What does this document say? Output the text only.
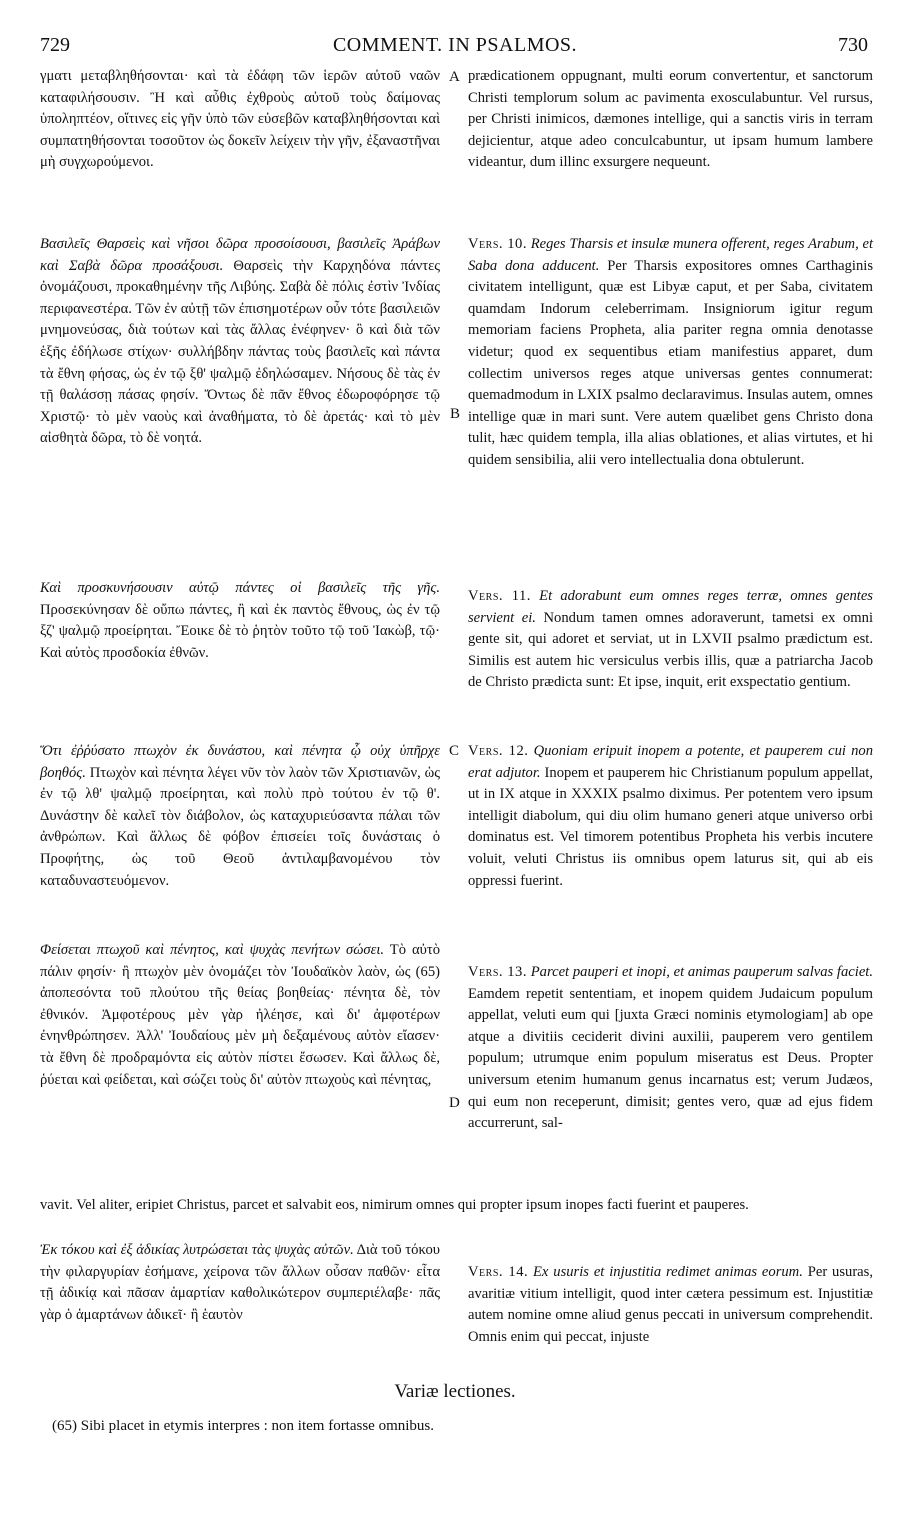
729	COMMENT. IN PSALMOS.	730
A
B
C
D

γματι μεταβληθήσονται· καὶ τὰ ἐδάφη τῶν ἱερῶν αὐτοῦ ναῶν καταφιλήσουσιν. Ἢ καὶ αὖθις ἐχθροὺς αὐτοῦ τοὺς δαίμονας ὑποληπτέον, οἵτινες εἰς γῆν ὑπὸ τῶν εὐσεβῶν καταβληθήσονται καὶ συμπατηθήσονται τοσοῦτον ὡς δοκεῖν λείχειν τὴν γῆν, ἐξαναστῆναι μὴ συγχωρούμενοι.

Βασιλεῖς Θαρσεὶς καὶ νῆσοι δῶρα προσοίσουσι, βασιλεῖς Ἀράβων καὶ Σαβὰ δῶρα προσάξουσι. Θαρσεὶς τὴν Καρχηδόνα πάντες ὀνομάζουσι, προκαθημένην τῆς Λιβύης. Σαβὰ δὲ πόλις ἐστὶν Ἰνδίας περιφανεστέρα. Τῶν ἐν αὐτῇ τῶν ἐπισημοτέρων οὖν τότε βασιλειῶν μνημονεύσας, διὰ τούτων καὶ τὰς ἄλλας ἐνέφηνεν· ὃ καὶ διὰ τῶν ἑξῆς ἐδήλωσε στίχων· συλλήβδην πάντας τοὺς βασιλεῖς καὶ πάντα τὰ ἔθνη φήσας, ὡς ἐν τῷ ξθ' ψαλμῷ ἐδηλώσαμεν. Νήσους δὲ τὰς ἐν τῇ θαλάσσῃ πάσας φησίν. Ὄντως δὲ πᾶν ἔθνος ἐδωροφόρησε τῷ Χριστῷ· τὸ μὲν ναοὺς καὶ ἀναθήματα, τὸ δὲ ἀρετάς· καὶ τὸ μὲν αἰσθητὰ δῶρα, τὸ δὲ νοητά.

Καὶ προσκυνήσουσιν αὐτῷ πάντες οἱ βασιλεῖς τῆς γῆς. Προσεκύνησαν δὲ οὔπω πάντες, ἢ καὶ ἐκ παντὸς ἔθνους, ὡς ἐν τῷ ξζ' ψαλμῷ προείρηται. Ἔοικε δὲ τὸ ῥητὸν τοῦτο τῷ τοῦ Ἰακὼβ, τῷ· Καὶ αὐτὸς προσδοκία ἐθνῶν.

Ὅτι ἐῤῥύσατο πτωχὸν ἐκ δυνάστου, καὶ πένητα ᾧ οὐχ ὑπῆρχε βοηθός. Πτωχὸν καὶ πένητα λέγει νῦν τὸν λαὸν τῶν Χριστιανῶν, ὡς ἐν τῷ λθ' ψαλμῷ προείρηται, καὶ πολὺ πρὸ τούτου ἐν τῷ θ'. Δυνάστην δὲ καλεῖ τὸν διάβολον, ὡς καταχυριεύσαντα πάλαι τῶν ἀνθρώπων. Καὶ ἄλλως δὲ φόβον ἐπισείει τοῖς δυνάσταις ὁ Προφήτης, ὡς τοῦ Θεοῦ ἀντιλαμβανομένου τὸν καταδυναστευόμενον.

Φείσεται πτωχοῦ καὶ πένητος, καὶ ψυχὰς πενήτων σώσει. Τὸ αὐτὸ πάλιν φησίν· ἢ πτωχὸν μὲν ὀνομάζει τὸν Ἰουδαϊκὸν λαὸν, ὡς (65) ἀποπεσόντα τοῦ πλούτου τῆς θείας βοηθείας· πένητα δὲ, τὸν ἐθνικόν. Ἀμφοτέρους μὲν γὰρ ἠλέησε, καὶ δι' ἀμφοτέρων ἐνηνθρώπησεν. Ἀλλ' Ἰουδαίους μὲν μὴ δεξαμένους αὐτὸν εἴασεν· τὰ ἔθνη δὲ προδραμόντα εἰς αὐτὸν πίστει ἔσωσεν. Καὶ ἄλλως δὲ, ῥύεται καὶ φείδεται, καὶ σώζει τοὺς δι' αὐτὸν πτωχοὺς καὶ πένητας,

Ἐκ τόκου καὶ ἐξ ἀδικίας λυτρώσεται τὰς ψυχὰς αὐτῶν. Διὰ τοῦ τόκου τὴν φιλαργυρίαν ἐσήμανε, χείρονα τῶν ἄλλων οὖσαν παθῶν· εἶτα τῇ ἀδικίᾳ καὶ πᾶσαν ἁμαρτίαν καθολικώτερον συμπεριέλαβε· πᾶς γὰρ ὁ ἁμαρτάνων ἀδικεῖ· ἢ ἑαυτὸν

prædicationem oppugnant, multi eorum convertentur, et sanctorum Christi templorum solum ac pavimenta exosculabuntur. Vel rursus, per Christi inimicos, dæmones intellige, qui a sanctis viris in terram dejicientur, atque adeo conculcabuntur, ut ipsam humum lambere videantur, dum illinc exsurgere nequeunt.

Vers. 10. Reges Tharsis et insulæ munera offerent, reges Arabum, et Saba dona adducent. Per Tharsis expositores omnes Carthaginis civitatem intelligunt, quæ est Libyæ caput, et per Saba, civitatem quamdam Indorum celeberrimam. Insigniorum igitur regum memoriam faciens Propheta, alia pariter regna omnia denotasse videtur; quod ex sequentibus etiam manifestius apparet, dum collectim universos reges atque universas gentes connumerat: quemadmodum in LXIX psalmo declaravimus. Insulas autem, omnes intellige quæ in mari sunt. Vere autem quælibet gens Christo dona tulit, hæc quidem templa, illa alias oblationes, et alias virtutes, et hi quidem sensibilia, alii vero intellectualia dona obtulerunt.

Vers. 11. Et adorabunt eum omnes reges terræ, omnes gentes servient ei. Nondum tamen omnes adoraverunt, tametsi ex omni gente sit, qui adoret et serviat, ut in LXVII psalmo prædictum est. Similis est autem hic versiculus verbis illis, quæ a patriarcha Jacob de Christo prædicta sunt: Et ipse, inquit, erit exspectatio gentium.

Vers. 12. Quoniam eripuit inopem a potente, et pauperem cui non erat adjutor. Inopem et pauperem hic Christianum populum appellat, ut in IX atque in XXXIX psalmo diximus. Per potentem vero ipsum intelligit diabolum, qui diu olim humano generi atque universo orbi dominatus est. Vel timorem potentibus Propheta his verbis incutere voluit, veluti Christus iis omnibus opem laturus sit, qui ab eis oppressi fuerint.

Vers. 13. Parcet pauperi et inopi, et animas pauperum salvas faciet. Eamdem repetit sententiam, et inopem quidem Judaicum populum appellat, veluti eum qui [juxta Græci nominis etymologiam] ab ope atque a divitiis ceciderit divini auxilii, pauperem vero gentilem populum; utrumque enim populum miseratus est Deus. Propter universum etenim humanum genus incarnatus est; verum Judæos, qui eum non receperunt, dimisit; gentes vero, quæ ad ejus fidem accurrerunt, sal-

Vers. 14. Ex usuris et injustitia redimet animas eorum. Per usuras, avaritiæ vitium intelligit, quod inter cætera pessimum est. Injustitiæ autem nomine omne aliud genus peccati in universum comprehendit. Omnis enim qui peccat, injuste

vavit. Vel aliter, eripiet Christus, parcet et salvabit eos, nimirum omnes qui propter ipsum inopes facti fuerint et pauperes.
Variæ lectiones.
(65) Sibi placet in etymis interpres : non item fortasse omnibus.
